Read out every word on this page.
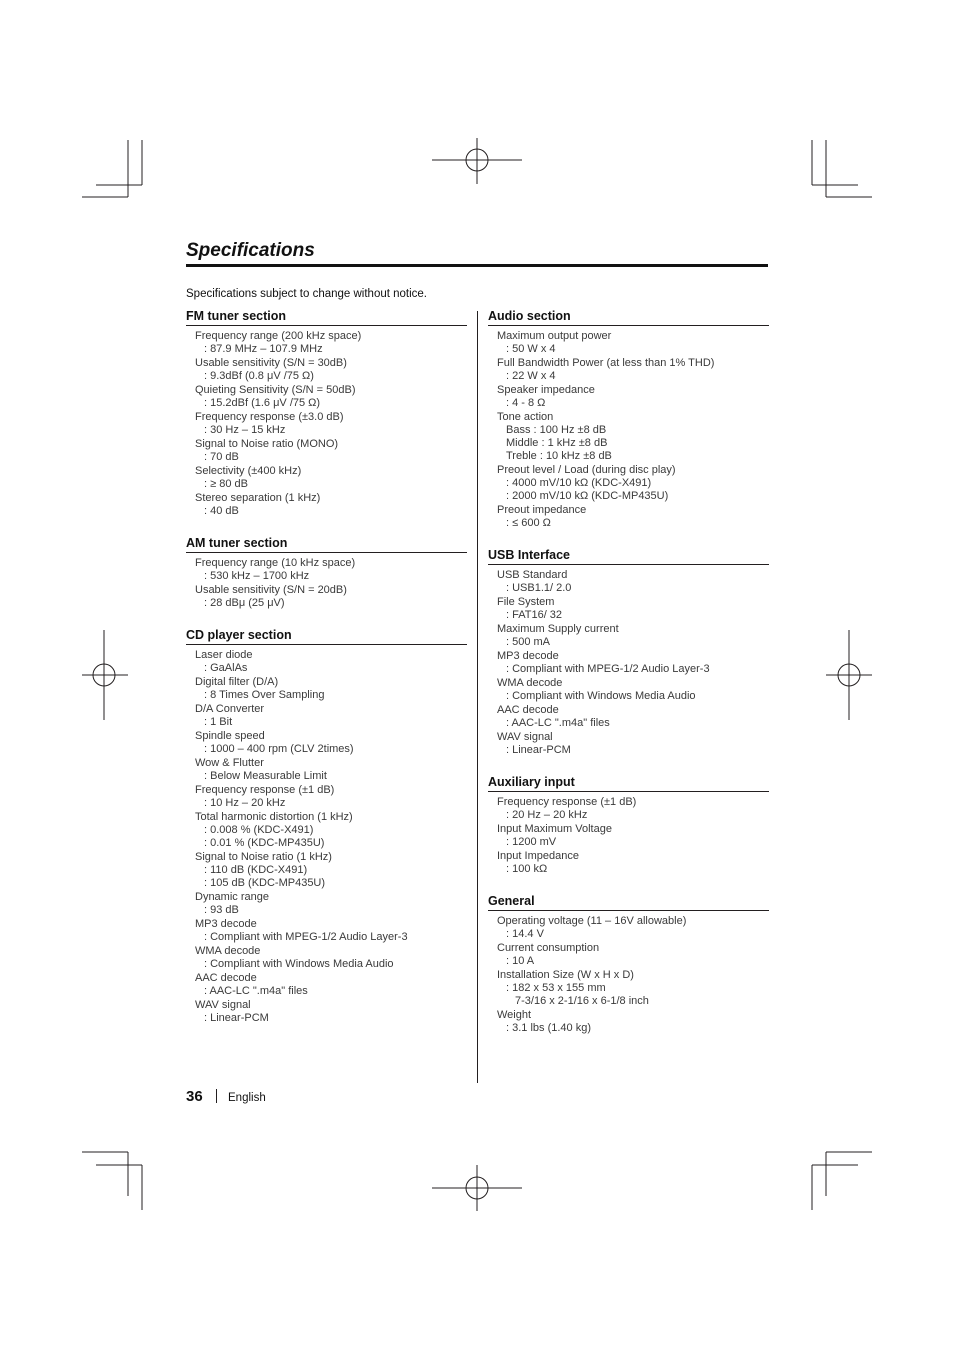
Specifications
Specifications subject to change without notice.
FM tuner section
Frequency range (200 kHz space)
: 87.9 MHz – 107.9 MHz
Usable sensitivity (S/N = 30dB)
: 9.3dBf (0.8 μV /75 Ω)
Quieting Sensitivity (S/N = 50dB)
: 15.2dBf (1.6 μV /75 Ω)
Frequency response (±3.0 dB)
: 30 Hz – 15 kHz
Signal to Noise ratio (MONO)
: 70 dB
Selectivity (±400 kHz)
: ≥ 80 dB
Stereo separation (1 kHz)
: 40 dB
AM tuner section
Frequency range (10 kHz space)
: 530 kHz – 1700 kHz
Usable sensitivity (S/N = 20dB)
: 28 dBμ (25 μV)
CD player section
Laser diode
: GaAlAs
Digital filter (D/A)
: 8 Times Over Sampling
D/A Converter
: 1 Bit
Spindle speed
: 1000 – 400 rpm (CLV 2times)
Wow & Flutter
: Below Measurable Limit
Frequency response (±1 dB)
: 10 Hz – 20 kHz
Total harmonic distortion (1 kHz)
: 0.008 % (KDC-X491)
: 0.01 % (KDC-MP435U)
Signal to Noise ratio (1 kHz)
: 110 dB (KDC-X491)
: 105 dB (KDC-MP435U)
Dynamic range
: 93 dB
MP3 decode
: Compliant with MPEG-1/2 Audio Layer-3
WMA decode
: Compliant with Windows Media Audio
AAC decode
: AAC-LC ".m4a" files
WAV signal
: Linear-PCM
Audio section
Maximum output power
: 50 W x 4
Full Bandwidth Power (at less than 1% THD)
: 22 W x 4
Speaker impedance
: 4 - 8 Ω
Tone action
Bass : 100 Hz ±8 dB
Middle : 1 kHz ±8 dB
Treble : 10 kHz ±8 dB
Preout level / Load (during disc play)
: 4000 mV/10 kΩ (KDC-X491)
: 2000 mV/10 kΩ (KDC-MP435U)
Preout impedance
: ≤ 600 Ω
USB Interface
USB Standard
: USB1.1/ 2.0
File System
: FAT16/ 32
Maximum Supply current
: 500 mA
MP3 decode
: Compliant with MPEG-1/2 Audio Layer-3
WMA decode
: Compliant with Windows Media Audio
AAC decode
: AAC-LC ".m4a" files
WAV signal
: Linear-PCM
Auxiliary input
Frequency response (±1 dB)
: 20 Hz – 20 kHz
Input Maximum Voltage
: 1200 mV
Input Impedance
: 100 kΩ
General
Operating voltage (11 – 16V allowable)
: 14.4 V
Current consumption
: 10 A
Installation Size (W x H x D)
: 182 x 53 x 155 mm
7-3/16 x 2-1/16 x 6-1/8 inch
Weight
: 3.1 lbs (1.40 kg)
36 English
